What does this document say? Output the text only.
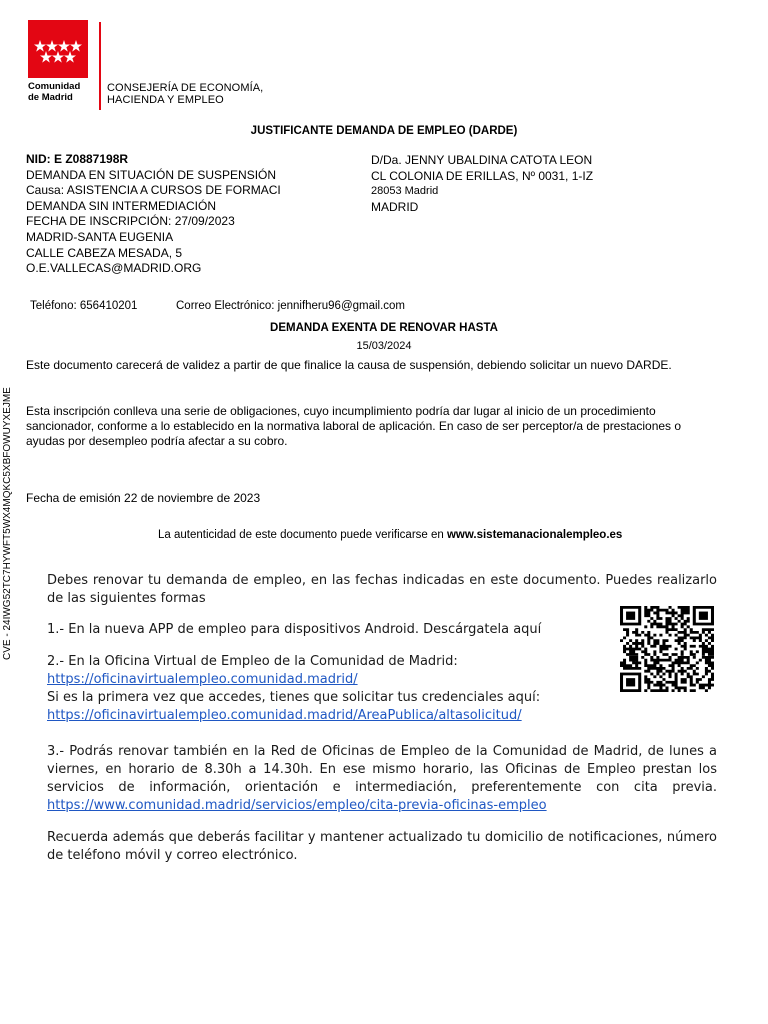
Comunidad
de Madrid
CONSEJERÍA DE ECONOMÍA,
HACIENDA Y EMPLEO
JUSTIFICANTE DEMANDA DE EMPLEO (DARDE)
NID: E Z0887198R
DEMANDA EN SITUACIÓN DE SUSPENSIÓN
Causa: ASISTENCIA A CURSOS DE FORMACI
DEMANDA SIN INTERMEDIACIÓN
FECHA DE INSCRIPCIÓN: 27/09/2023
MADRID-SANTA EUGENIA
CALLE CABEZA MESADA, 5
O.E.VALLECAS@MADRID.ORG
D/Da. JENNY UBALDINA CATOTA LEON
CL COLONIA DE ERILLAS, Nº 0031, 1-IZ
28053 Madrid
MADRID
Teléfono: 656410201	Correo Electrónico: jennifheru96@gmail.com
DEMANDA EXENTA DE RENOVAR HASTA
15/03/2024
Este documento carecerá de validez a partir de que finalice la causa de suspensión, debiendo solicitar un nuevo DARDE.
Esta inscripción conlleva una serie de obligaciones, cuyo incumplimiento podría dar lugar al inicio de un procedimiento sancionador, conforme a lo establecido en la normativa laboral de aplicación. En caso de ser perceptor/a de prestaciones o ayudas por desempleo podría afectar a su cobro.
Fecha de emisión 22 de noviembre de 2023
La autenticidad de este documento puede verificarse en www.sistemanacionalempleo.es
CVE - 24IWG52TC7HYWFT5WX4MQKC5XBFOWUYXEJME	Debes renovar tu demanda de empleo, en las fechas indicadas en este documento. Puedes realizarlo de las siguientes formas

1.- En la nueva APP de empleo para dispositivos Android. Descárgatela aquí

2.- En la Oficina Virtual de Empleo de la Comunidad de Madrid:

https://oficinavirtualempleo.comunidad.madrid/

Si es la primera vez que accedes, tienes que solicitar tus credenciales aquí:

https://oficinavirtualempleo.comunidad.madrid/AreaPublica/altasolicitud/

3.- Podrás renovar también en la Red de Oficinas de Empleo de la Comunidad de Madrid, de lunes a viernes, en horario de 8.30h a 14.30h. En ese mismo horario, las Oficinas de Empleo prestan los servicios de información, orientación e intermediación, preferentemente con cita previa. https://www.comunidad.madrid/servicios/empleo/cita-previa-oficinas-empleo

Recuerda además que deberás facilitar y mantener actualizado tu domicilio de notificaciones, número de teléfono móvil y correo electrónico.
